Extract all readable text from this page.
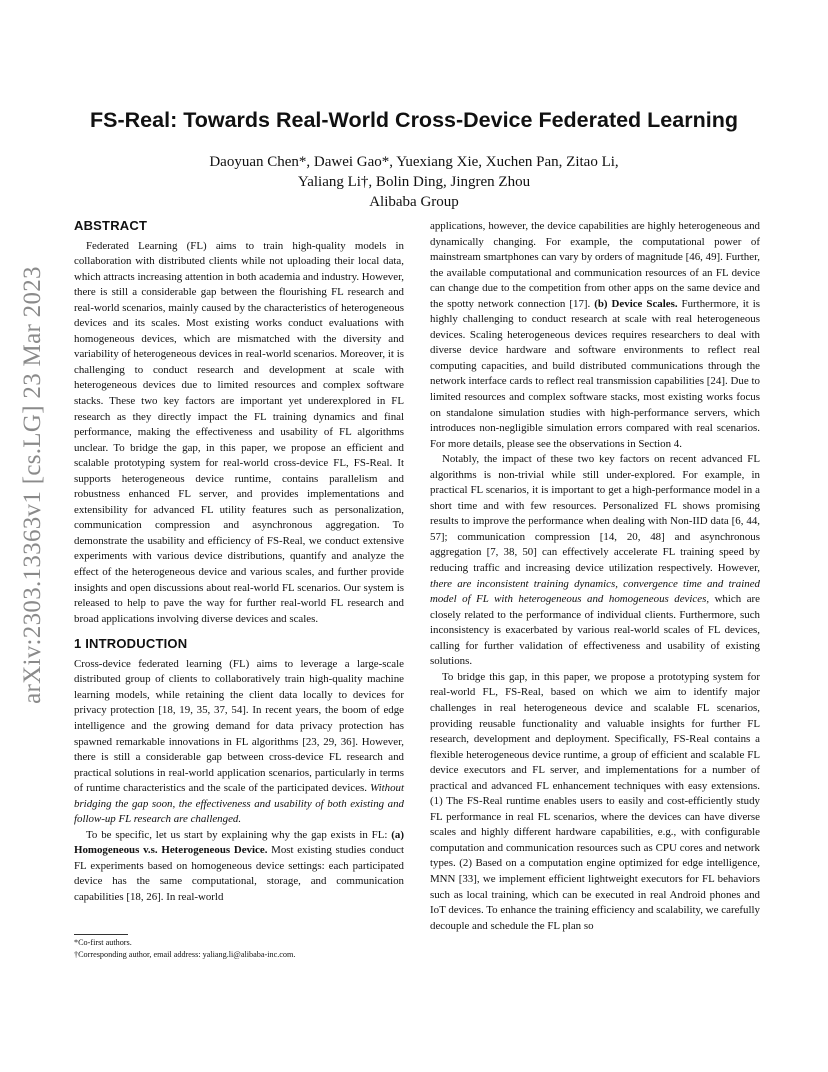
arXiv:2303.13363v1 [cs.LG] 23 Mar 2023
FS-Real: Towards Real-World Cross-Device Federated Learning
Daoyuan Chen*, Dawei Gao*, Yuexiang Xie, Xuchen Pan, Zitao Li,
Yaliang Li†, Bolin Ding, Jingren Zhou
Alibaba Group
ABSTRACT

Federated Learning (FL) aims to train high-quality models in collaboration with distributed clients while not uploading their local data, which attracts increasing attention in both academia and industry. However, there is still a considerable gap between the flourishing FL research and real-world scenarios, mainly caused by the characteristics of heterogeneous devices and its scales. Most existing works conduct evaluations with homogeneous devices, which are mismatched with the diversity and variability of heterogeneous devices in real-world scenarios. Moreover, it is challenging to conduct research and development at scale with heterogeneous devices due to limited resources and complex software stacks. These two key factors are important yet underexplored in FL research as they directly impact the FL training dynamics and final performance, making the effectiveness and usability of FL algorithms unclear. To bridge the gap, in this paper, we propose an efficient and scalable prototyping system for real-world cross-device FL, FS-Real. It supports heterogeneous device runtime, contains parallelism and robustness enhanced FL server, and provides implementations and extensibility for advanced FL utility features such as personalization, communication compression and asynchronous aggregation. To demonstrate the usability and efficiency of FS-Real, we conduct extensive experiments with various device distributions, quantify and analyze the effect of the heterogeneous device and various scales, and further provide insights and open discussions about real-world FL scenarios. Our system is released to help to pave the way for further real-world FL research and broad applications involving diverse devices and scales.

1 INTRODUCTION

Cross-device federated learning (FL) aims to leverage a large-scale distributed group of clients to collaboratively train high-quality machine learning models, while retaining the client data locally to devices for privacy protection [18, 19, 35, 37, 54]. In recent years, the boom of edge intelligence and the growing demand for data privacy protection has spawned remarkable innovations in FL algorithms [23, 29, 36]. However, there is still a considerable gap between cross-device FL research and practical solutions in real-world application scenarios, particularly in terms of runtime characteristics and the scale of the participated devices. Without bridging the gap soon, the effectiveness and usability of both existing and follow-up FL research are challenged.

To be specific, let us start by explaining why the gap exists in FL: (a) Homogeneous v.s. Heterogeneous Device. Most existing studies conduct FL experiments based on homogeneous device settings: each participated device has the same computational, storage, and communication capabilities [18, 26]. In real-world

applications, however, the device capabilities are highly heterogeneous and dynamically changing. For example, the computational power of mainstream smartphones can vary by orders of magnitude [46, 49]. Further, the available computational and communication resources of an FL device can change due to the competition from other apps on the same device and the spotty network connection [17]. (b) Device Scales. Furthermore, it is highly challenging to conduct research at scale with real heterogeneous devices. Scaling heterogeneous devices requires researchers to deal with diverse device hardware and software environments to reflect real computing capacities, and build distributed communications through the network interface cards to reflect real transmission capabilities [24]. Due to limited resources and complex software stacks, most existing works focus on standalone simulation studies with high-performance servers, which introduces non-negligible simulation errors compared with real scenarios. For more details, please see the observations in Section 4.

Notably, the impact of these two key factors on recent advanced FL algorithms is non-trivial while still under-explored. For example, in practical FL scenarios, it is important to get a high-performance model in a short time and with few resources. Personalized FL shows promising results to improve the performance when dealing with Non-IID data [6, 44, 57]; communication compression [14, 20, 48] and asynchronous aggregation [7, 38, 50] can effectively accelerate FL training speed by reducing traffic and increasing device utilization respectively. However, there are inconsistent training dynamics, convergence time and trained model of FL with heterogeneous and homogeneous devices, which are closely related to the performance of individual clients. Furthermore, such inconsistency is exacerbated by various real-world scales of FL devices, calling for further validation of effectiveness and usability of existing solutions.

To bridge this gap, in this paper, we propose a prototyping system for real-world FL, FS-Real, based on which we aim to identify major challenges in real heterogeneous device and scalable FL scenarios, providing reusable functionality and valuable insights for further FL research, development and deployment. Specifically, FS-Real contains a flexible heterogeneous device runtime, a group of efficient and scalable FL device executors and FL server, and implementations for a number of practical and advanced FL enhancement techniques with easy extensions. (1) The FS-Real runtime enables users to easily and cost-efficiently study FL performance in real FL scenarios, where the devices can have diverse scales and highly different hardware capabilities, e.g., with configurable computation and communication resources such as CPU cores and network types. (2) Based on a computation engine optimized for edge intelligence, MNN [33], we implement efficient lightweight executors for FL behaviors such as local training, which can be executed in real Android phones and IoT devices. To enhance the training efficiency and scalability, we carefully decouple and schedule the FL plan so

*Co-first authors.
†Corresponding author, email address: yaliang.li@alibaba-inc.com.
